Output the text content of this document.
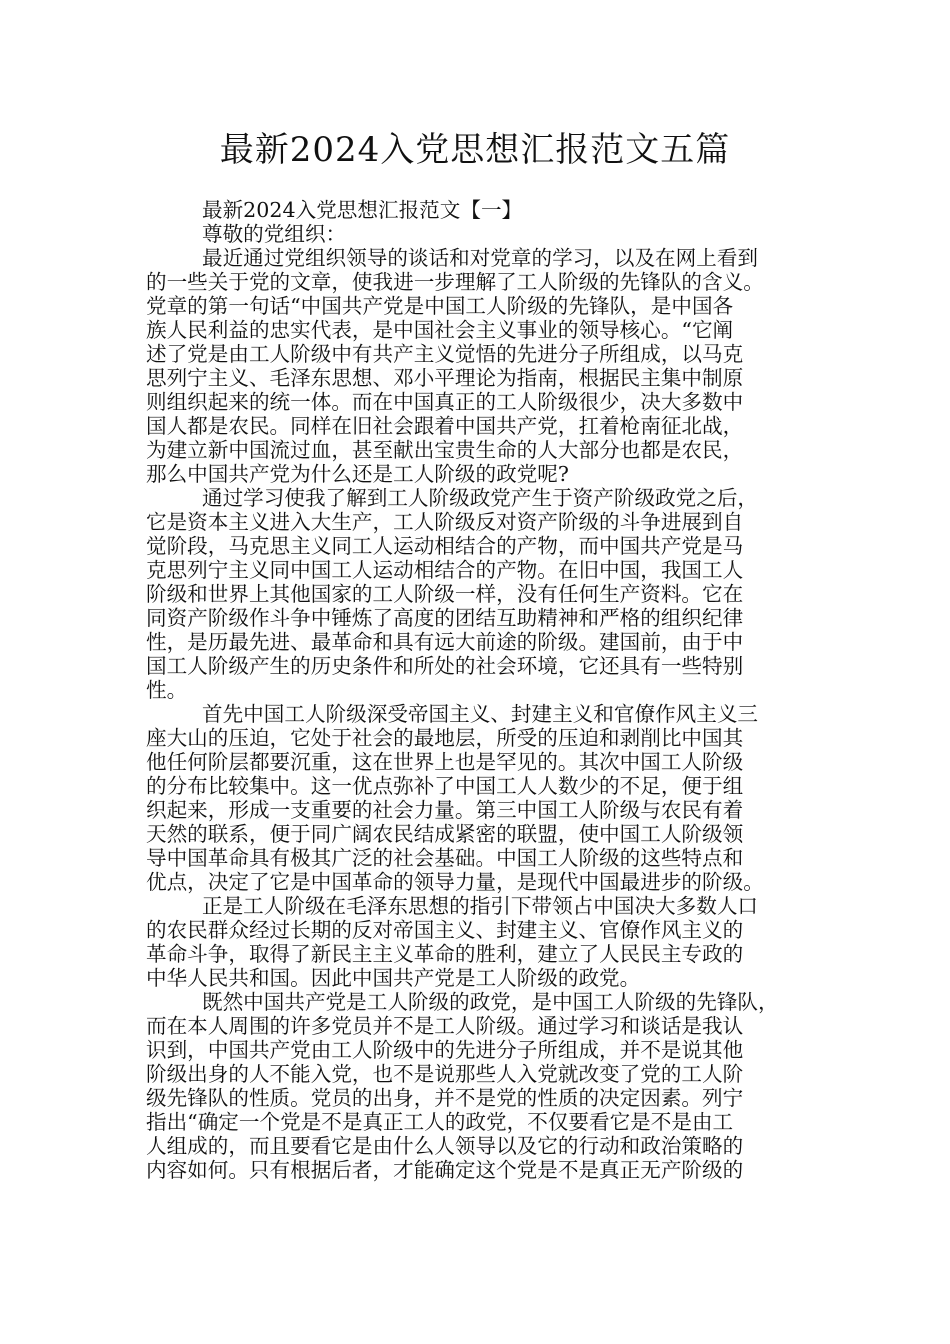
最新2024入党思想汇报范文五篇
最新2024入党思想汇报范文【一】
尊敬的党组织：
最近通过党组织领导的谈话和对党章的学习，以及在网上看到
的一些关于党的文章，使我进一步理解了工人阶级的先锋队的含义。
党章的第一句话“中国共产党是中国工人阶级的先锋队，是中国各
族人民利益的忠实代表，是中国社会主义事业的领导核心。“它阐
述了党是由工人阶级中有共产主义觉悟的先进分子所组成，以马克
思列宁主义、毛泽东思想、邓小平理论为指南，根据民主集中制原
则组织起来的统一体。而在中国真正的工人阶级很少，决大多数中
国人都是农民。同样在旧社会跟着中国共产党，扛着枪南征北战，
为建立新中国流过血，甚至献出宝贵生命的人大部分也都是农民，
那么中国共产党为什么还是工人阶级的政党呢?
通过学习使我了解到工人阶级政党产生于资产阶级政党之后，
它是资本主义进入大生产，工人阶级反对资产阶级的斗争进展到自
觉阶段，马克思主义同工人运动相结合的产物，而中国共产党是马
克思列宁主义同中国工人运动相结合的产物。在旧中国，我国工人
阶级和世界上其他国家的工人阶级一样，没有任何生产资料。它在
同资产阶级作斗争中锤炼了高度的团结互助精神和严格的组织纪律
性，是历最先进、最革命和具有远大前途的阶级。建国前，由于中
国工人阶级产生的历史条件和所处的社会环境，它还具有一些特别
性。
首先中国工人阶级深受帝国主义、封建主义和官僚作风主义三
座大山的压迫，它处于社会的最地层，所受的压迫和剥削比中国其
他任何阶层都要沉重，这在世界上也是罕见的。其次中国工人阶级
的分布比较集中。这一优点弥补了中国工人人数少的不足，便于组
织起来，形成一支重要的社会力量。第三中国工人阶级与农民有着
天然的联系，便于同广阔农民结成紧密的联盟，使中国工人阶级领
导中国革命具有极其广泛的社会基础。中国工人阶级的这些特点和
优点，决定了它是中国革命的领导力量，是现代中国最进步的阶级。
正是工人阶级在毛泽东思想的指引下带领占中国决大多数人口
的农民群众经过长期的反对帝国主义、封建主义、官僚作风主义的
革命斗争，取得了新民主主义革命的胜利，建立了人民民主专政的
中华人民共和国。因此中国共产党是工人阶级的政党。
既然中国共产党是工人阶级的政党，是中国工人阶级的先锋队，
而在本人周围的许多党员并不是工人阶级。通过学习和谈话是我认
识到，中国共产党由工人阶级中的先进分子所组成，并不是说其他
阶级出身的人不能入党，也不是说那些人入党就改变了党的工人阶
级先锋队的性质。党员的出身，并不是党的性质的决定因素。列宁
指出“确定一个党是不是真正工人的政党，不仅要看它是不是由工
人组成的，而且要看它是由什么人领导以及它的行动和政治策略的
内容如何。只有根据后者，才能确定这个党是不是真正无产阶级的
